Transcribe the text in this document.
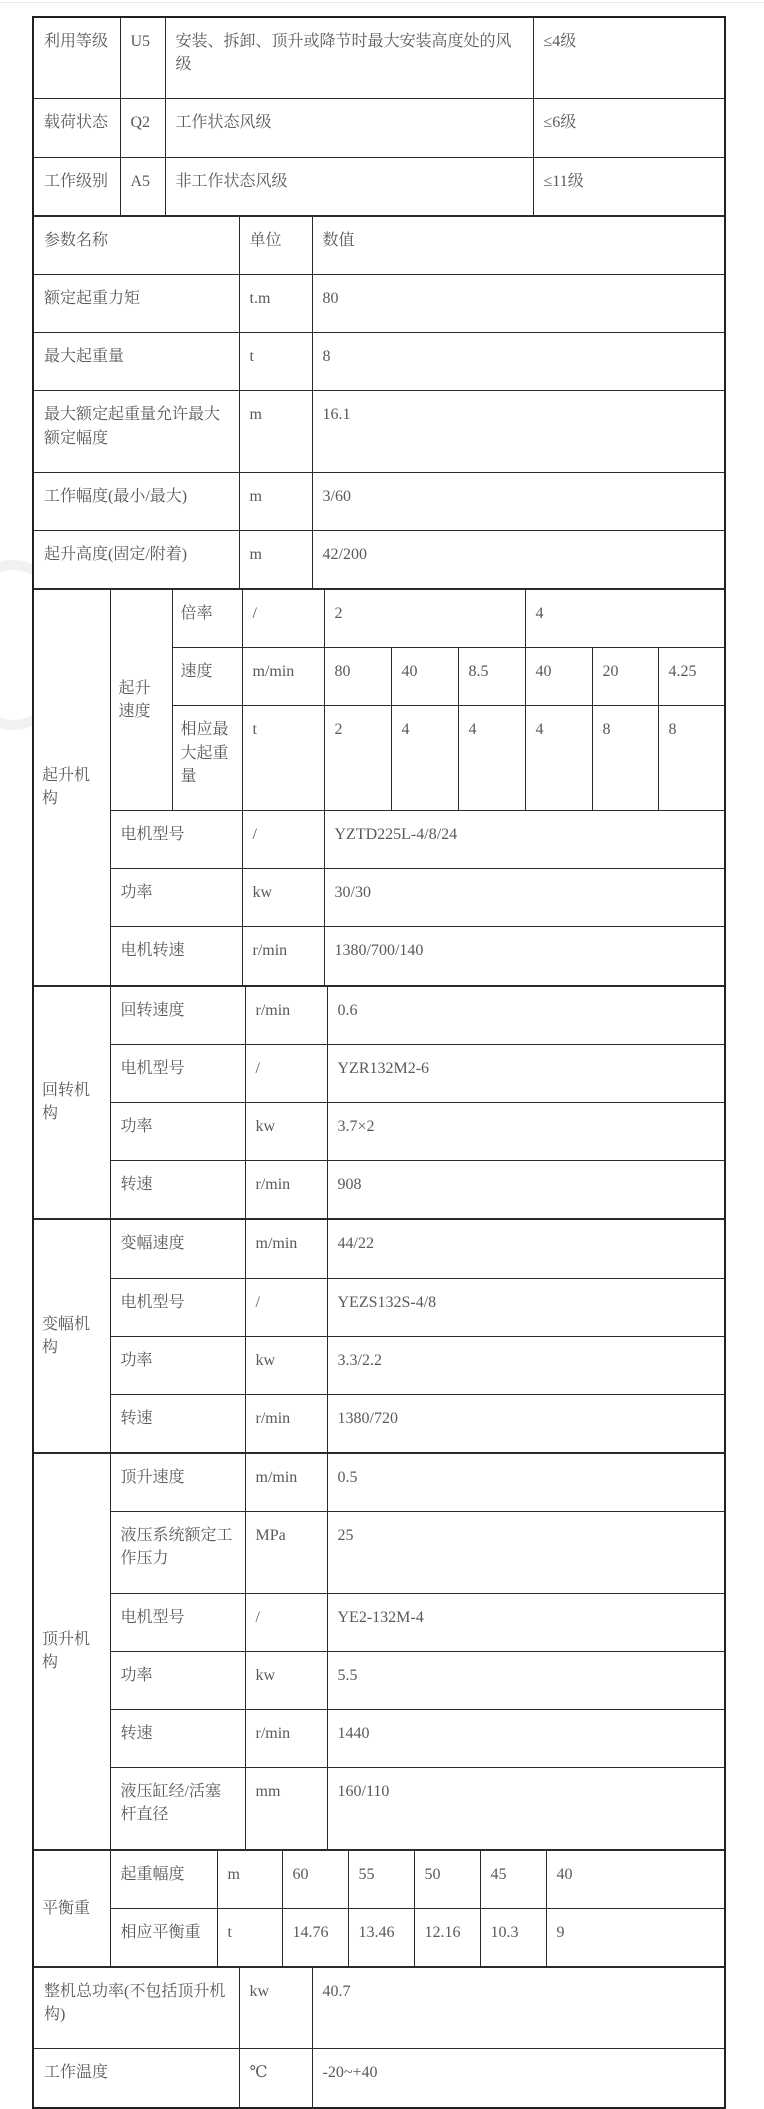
利用等级	U5	安装、拆卸、顶升或降节时最大安装高度处的风级	≤4级
载荷状态	Q2	工作状态风级	≤6级
工作级别	A5	非工作状态风级	≤11级
参数名称	单位	数值
额定起重力矩	t.m	80
最大起重量	t	8
最大额定起重量允许最大额定幅度	m	16.1
工作幅度(最小/最大)	m	3/60
起升高度(固定/附着)	m	42/200
起升机构	起升速度	倍率	/	2			4		
		速度	m/min	80	40	8.5	40	20	4.25
		相应最大起重量	t	2	4	4	4	8	8
	电机型号		/	YZTD225L-4/8/24					
	功率		kw	30/30					
	电机转速		r/min	1380/700/140					
回转机构	回转速度	r/min	0.6
	电机型号	/	YZR132M2-6
	功率	kw	3.7×2
	转速	r/min	908
变幅机构	变幅速度	m/min	44/22
	电机型号	/	YEZS132S-4/8
	功率	kw	3.3/2.2
	转速	r/min	1380/720
顶升机构	顶升速度	m/min	0.5
	液压系统额定工作压力	MPa	25
	电机型号	/	YE2-132M-4
	功率	kw	5.5
	转速	r/min	1440
	液压缸经/活塞杆直径	mm	160/110
平衡重	起重幅度	m	60	55	50	45	40
	相应平衡重	t	14.76	13.46	12.16	10.3	9
整机总功率(不包括顶升机构)	kw	40.7
工作温度	℃	-20~+40
